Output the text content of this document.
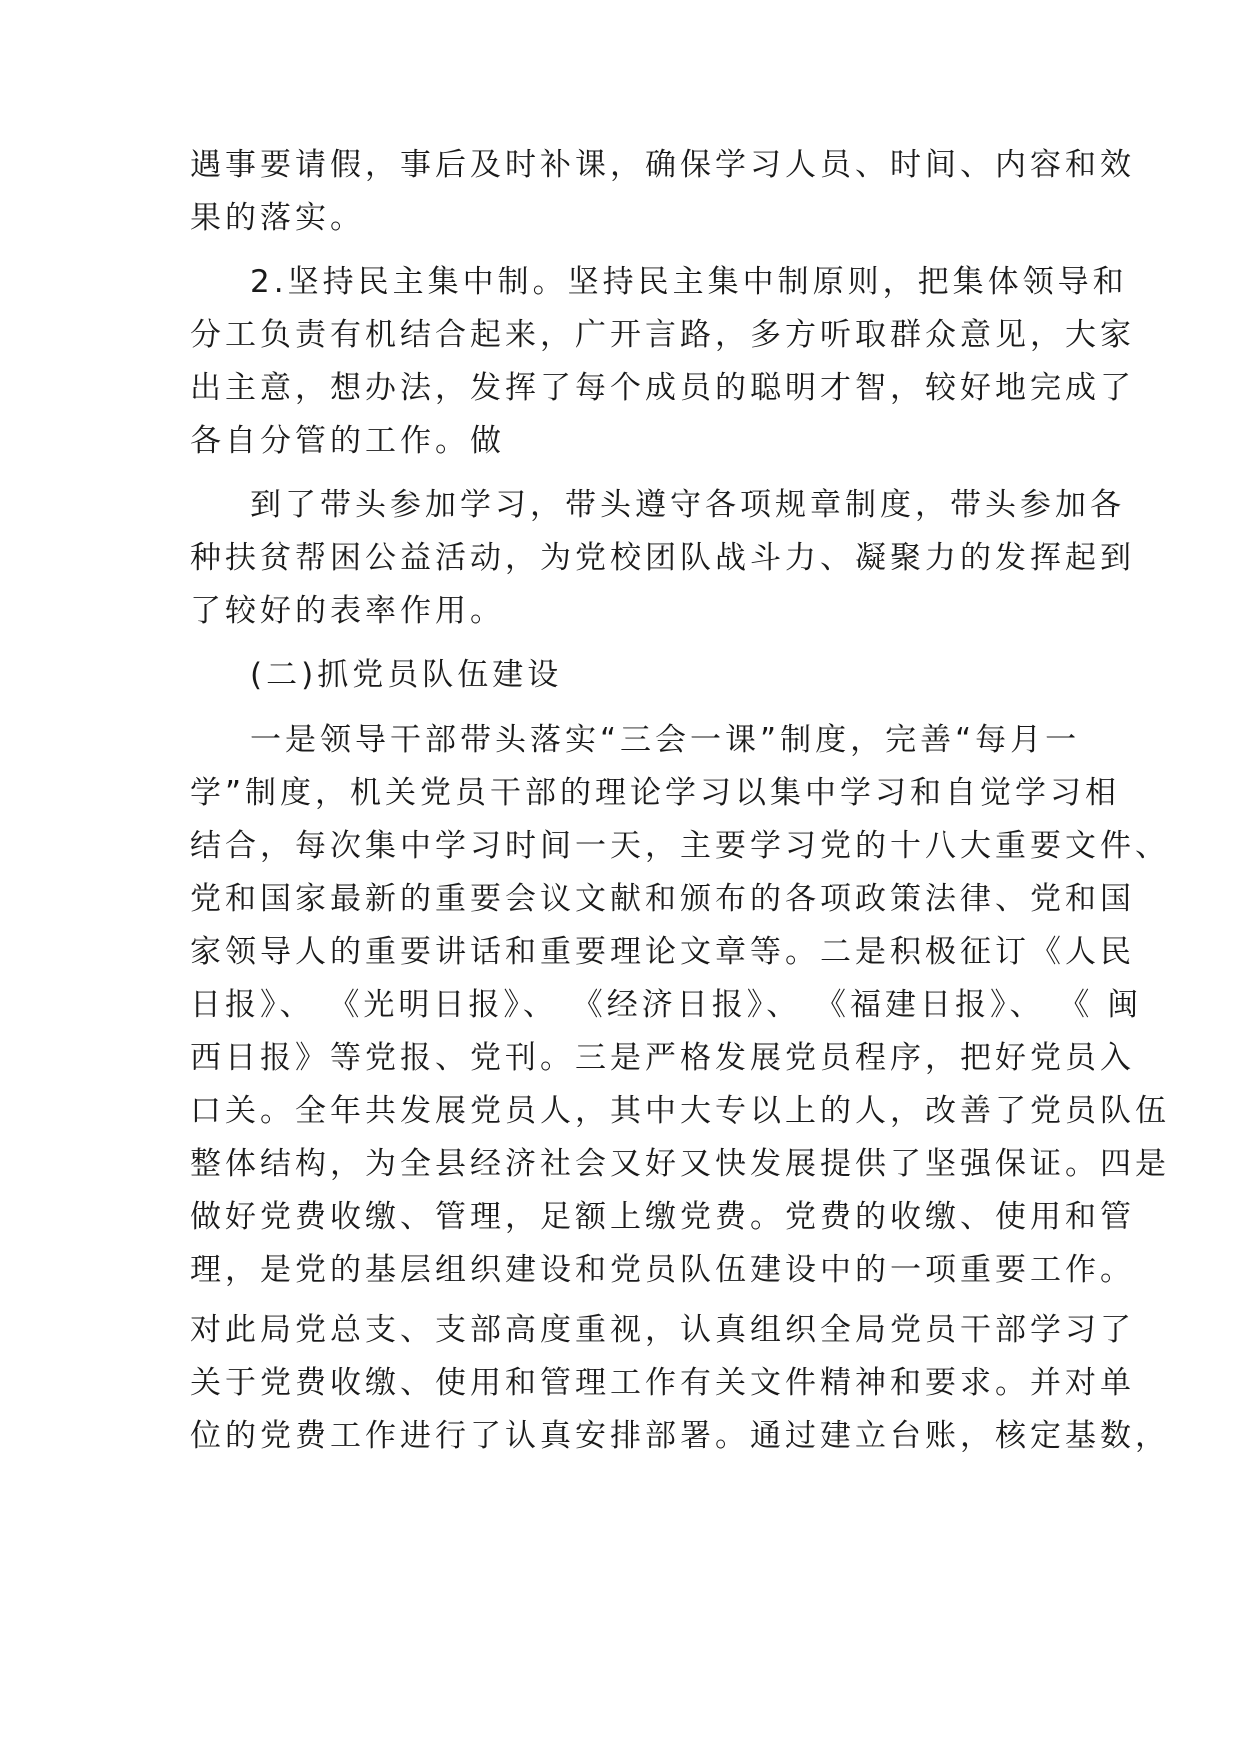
遇事要请假，事后及时补课，确保学习人员、时间、内容和效
果的落实。
2.坚持民主集中制。坚持民主集中制原则，把集体领导和
分工负责有机结合起来，广开言路，多方听取群众意见，大家
出主意，想办法，发挥了每个成员的聪明才智，较好地完成了
各自分管的工作。做
到了带头参加学习，带头遵守各项规章制度，带头参加各
种扶贫帮困公益活动，为党校团队战斗力、凝聚力的发挥起到
了较好的表率作用。
(二)抓党员队伍建设
一是领导干部带头落实“三会一课”制度，完善“每月一
学”制度，机关党员干部的理论学习以集中学习和自觉学习相
结合，每次集中学习时间一天，主要学习党的十八大重要文件、
党和国家最新的重要会议文献和颁布的各项政策法律、党和国
家领导人的重要讲话和重要理论文章等。二是积极征订《人民
日报》、 《光明日报》、 《经济日报》、 《福建日报》、 《 闽
西日报》等党报、党刊。三是严格发展党员程序，把好党员入
口关。全年共发展党员人，其中大专以上的人，改善了党员队伍
整体结构，为全县经济社会又好又快发展提供了坚强保证。四是
做好党费收缴、管理，足额上缴党费。党费的收缴、使用和管
理，是党的基层组织建设和党员队伍建设中的一项重要工作。
对此局党总支、支部高度重视，认真组织全局党员干部学习了
关于党费收缴、使用和管理工作有关文件精神和要求。并对单
位的党费工作进行了认真安排部署。通过建立台账，核定基数，
